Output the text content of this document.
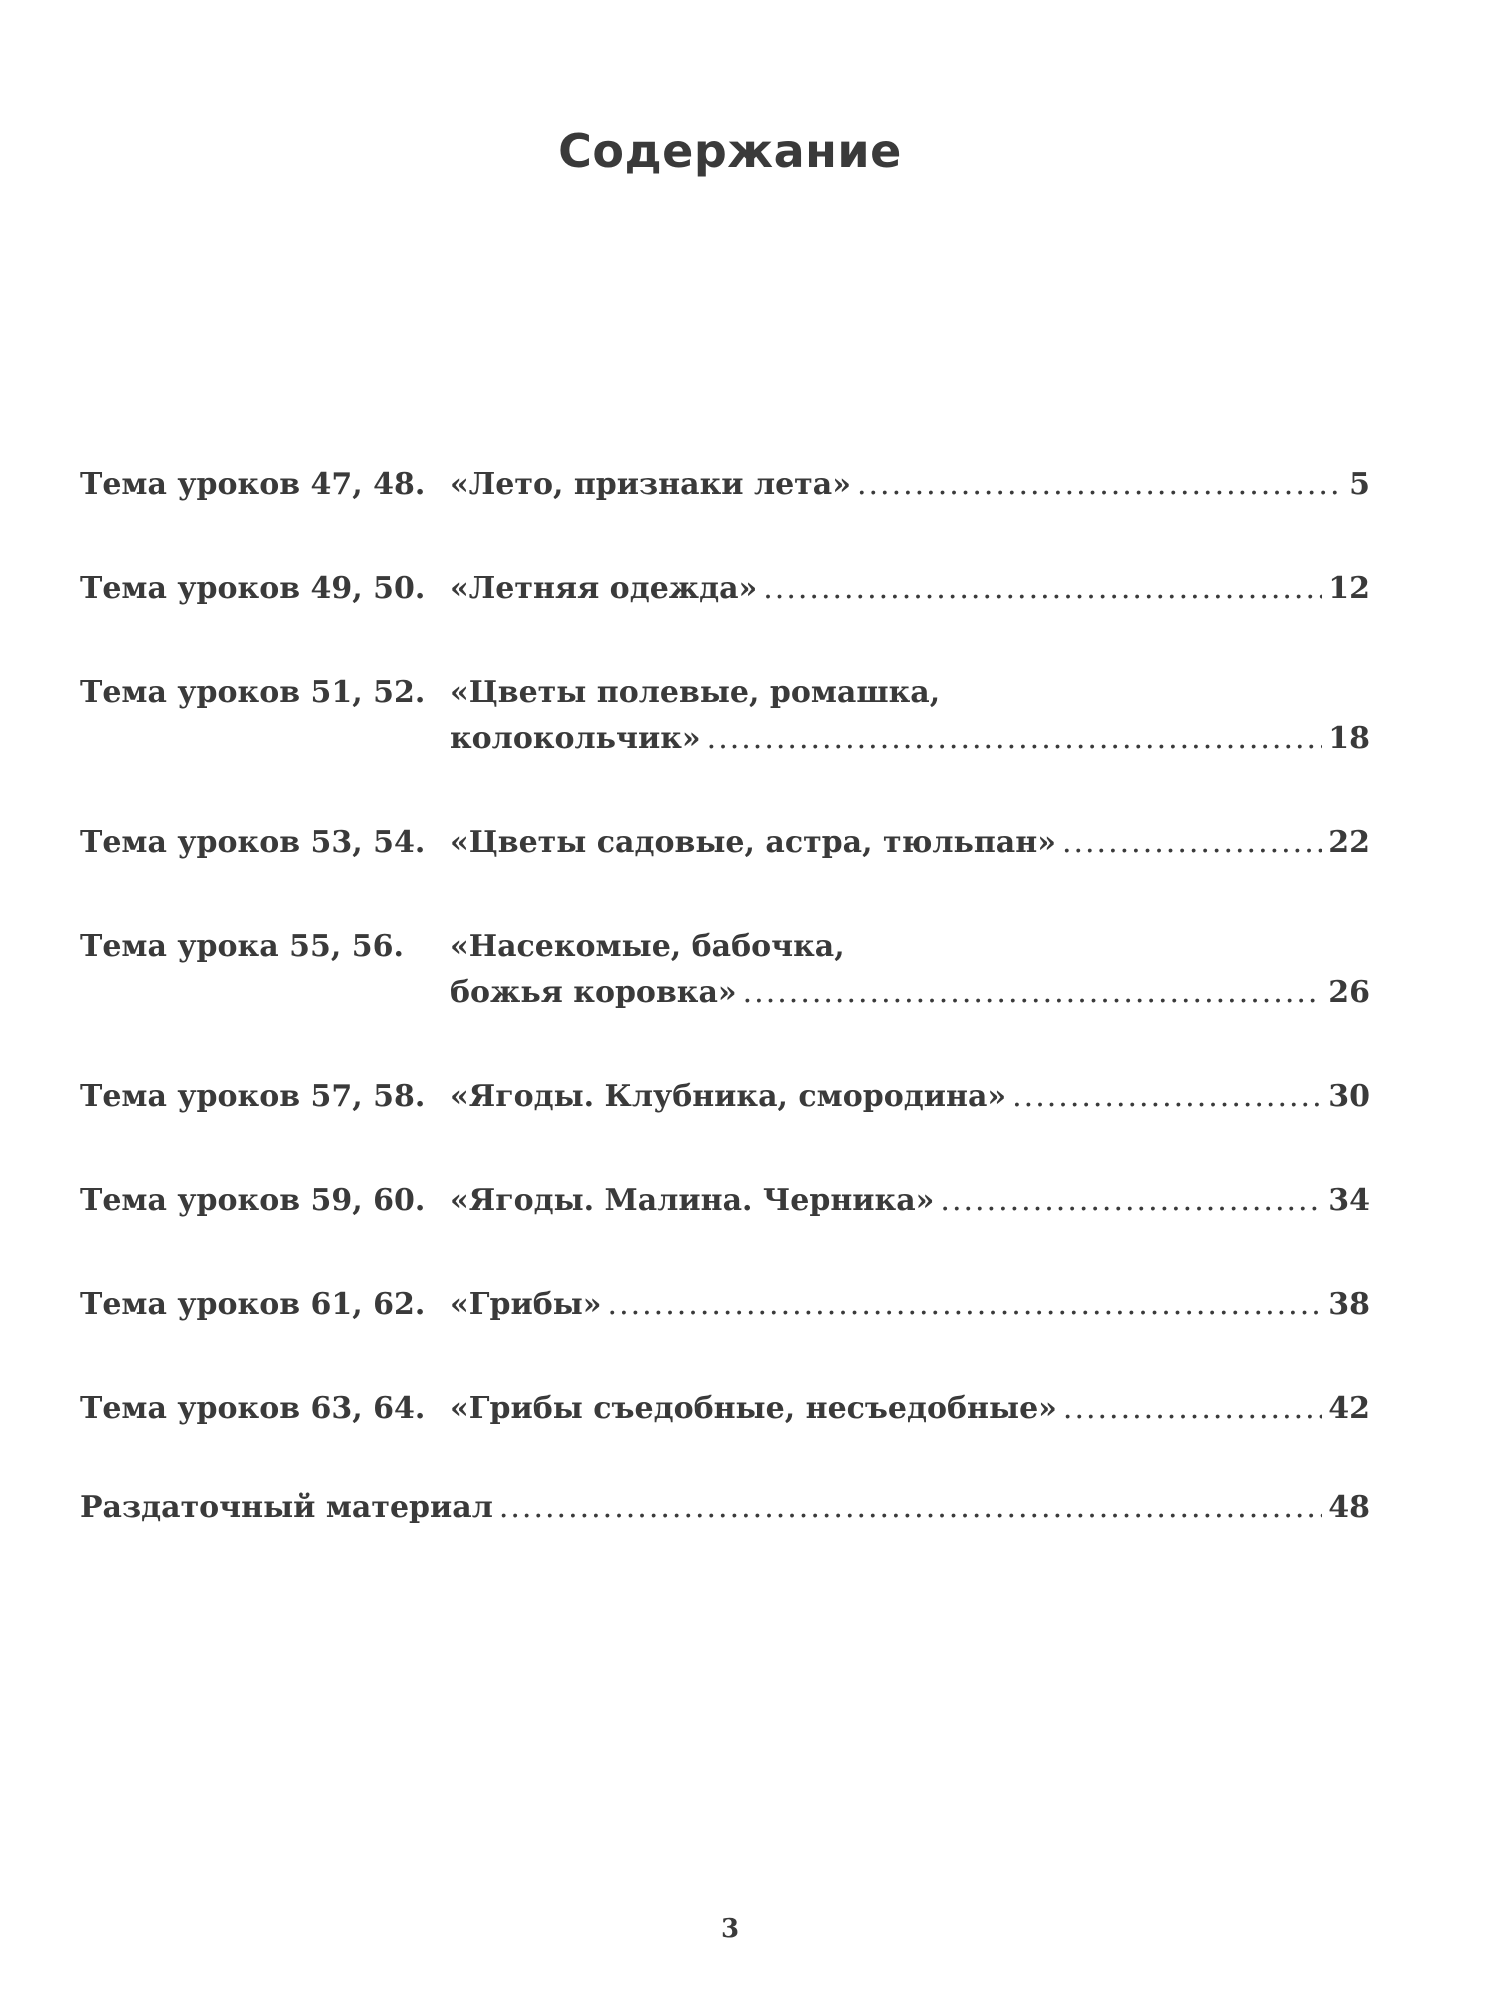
Содержание
Тема уроков 47, 48. «Лето, признаки лета» .....	5
Тема уроков 49, 50. «Летняя одежда» .....	12
Тема уроков 51, 52. «Цветы полевые, ромашка,
колокольчик» .....	18
Тема уроков 53, 54. «Цветы садовые, астра, тюльпан» .....	22
Тема урока 55, 56.	«Насекомые, бабочка,
божья коровка» .....	26
Тема уроков 57, 58. «Ягоды. Клубника, смородина» .....	30
Тема уроков 59, 60. «Ягоды. Малина. Черника» .....	34
Тема уроков 61, 62. «Грибы» .....	38
Тема уроков 63, 64. «Грибы съедобные, несъедобные» .....	42
Раздаточный материал .....	48
3
